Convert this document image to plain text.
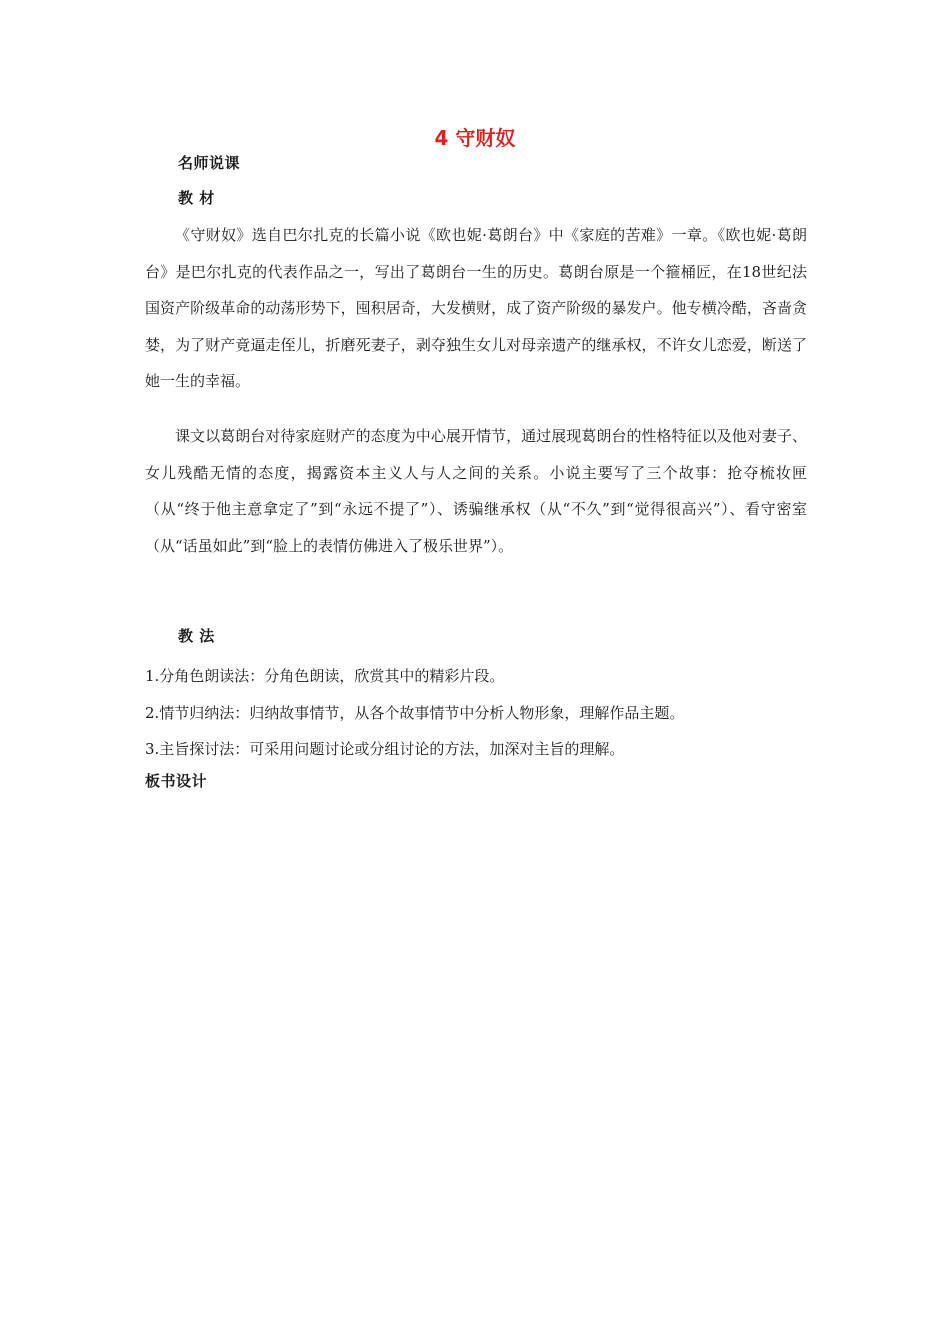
4 守财奴
名师说课
教 材

《守财奴》选自巴尔扎克的长篇小说《欧也妮·葛朗台》中《家庭的苦难》一章。《欧也妮·葛朗台》是巴尔扎克的代表作品之一，写出了葛朗台一生的历史。葛朗台原是一个箍桶匠，在18世纪法国资产阶级革命的动荡形势下，囤积居奇，大发横财，成了资产阶级的暴发户。他专横冷酷，吝啬贪婪，为了财产竟逼走侄儿，折磨死妻子，剥夺独生女儿对母亲遗产的继承权，不许女儿恋爱，断送了她一生的幸福。

课文以葛朗台对待家庭财产的态度为中心展开情节，通过展现葛朗台的性格特征以及他对妻子、女儿残酷无情的态度，揭露资本主义人与人之间的关系。小说主要写了三个故事：抢夺梳妆匣（从“终于他主意拿定了”到“永远不提了”）、诱骗继承权（从“不久”到“觉得很高兴”）、看守密室（从“话虽如此”到“脸上的表情仿佛进入了极乐世界”）。

教 法
1.分角色朗读法：分角色朗读，欣赏其中的精彩片段。
2.情节归纳法：归纳故事情节，从各个故事情节中分析人物形象，理解作品主题。
3.主旨探讨法：可采用问题讨论或分组讨论的方法，加深对主旨的理解。
板书设计
